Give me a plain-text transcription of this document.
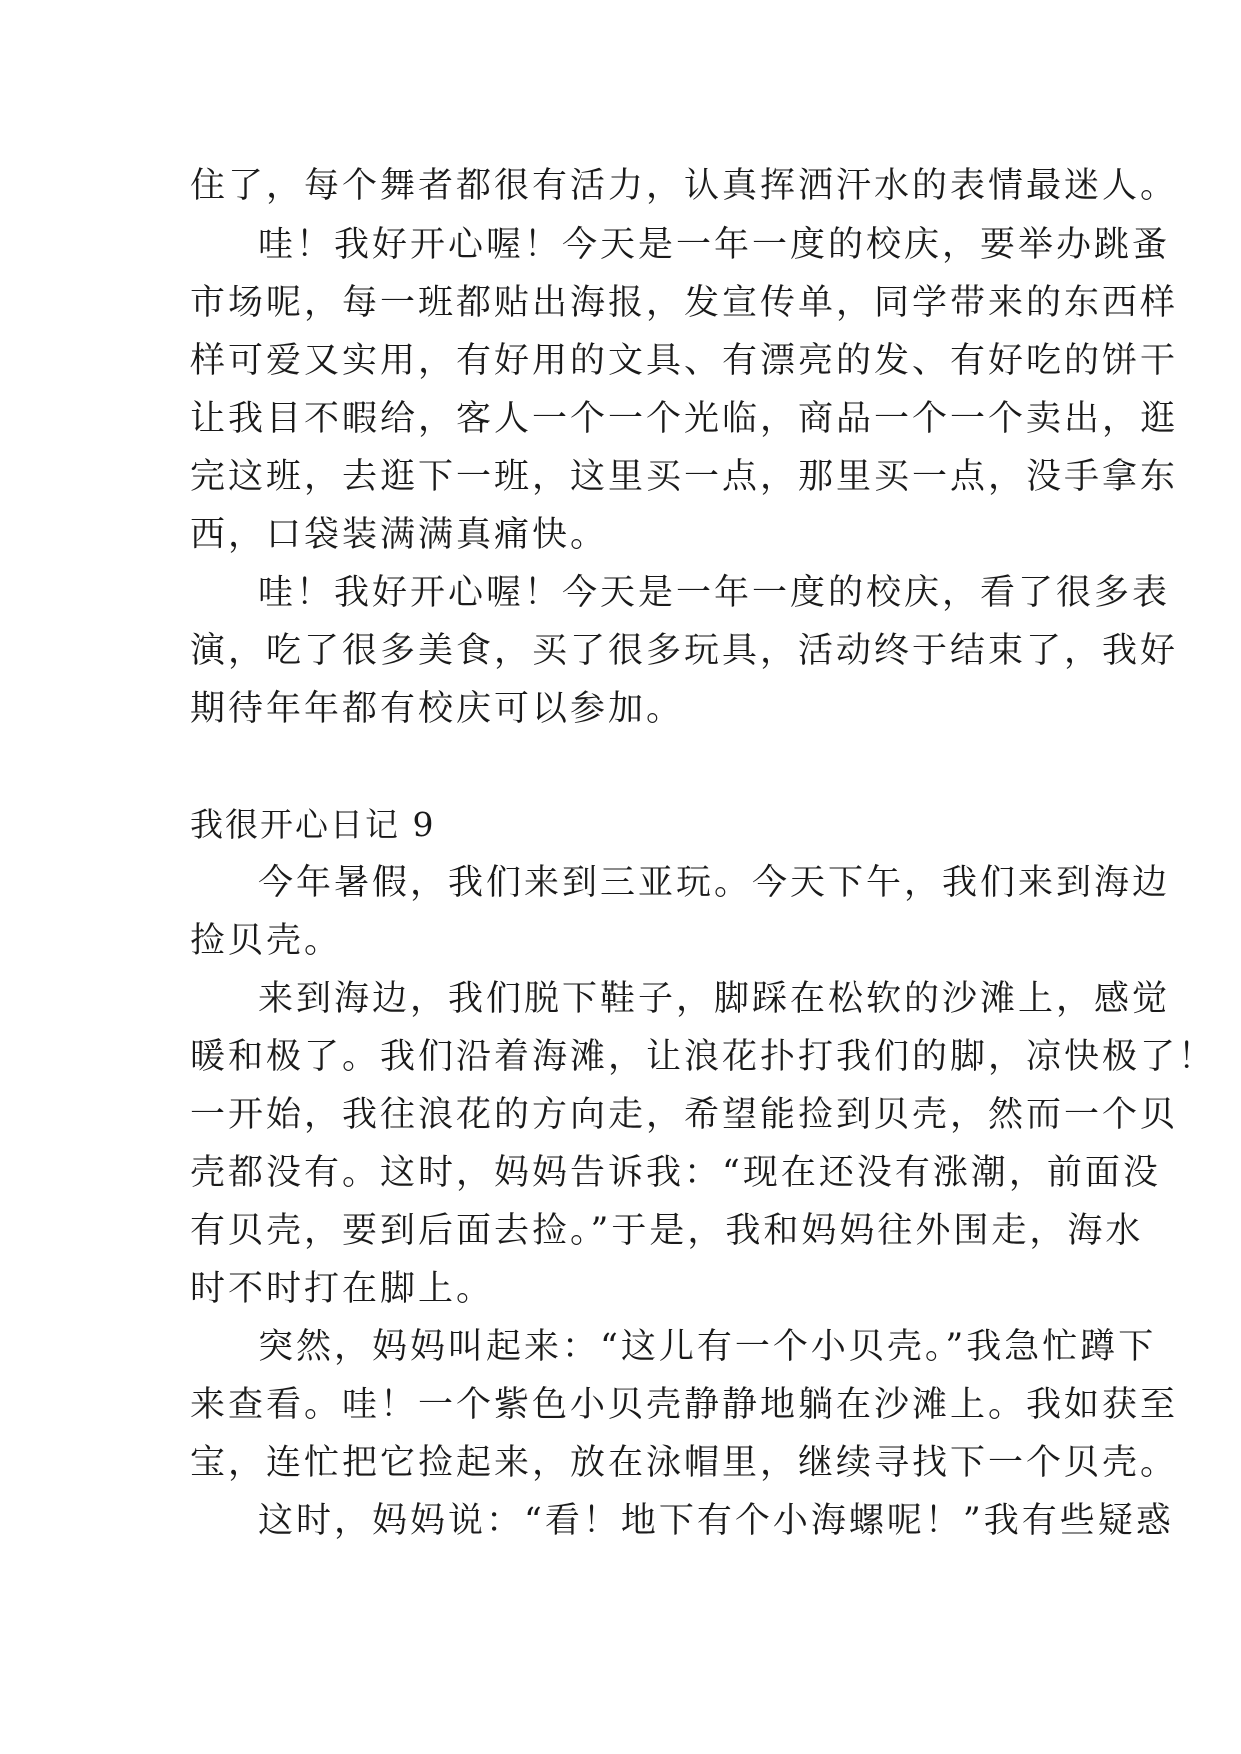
住了，每个舞者都很有活力，认真挥洒汗水的表情最迷人。
哇！我好开心喔！今天是一年一度的校庆，要举办跳蚤
市场呢，每一班都贴出海报，发宣传单，同学带来的东西样
样可爱又实用，有好用的文具、有漂亮的发、有好吃的饼干
让我目不暇给，客人一个一个光临，商品一个一个卖出，逛
完这班，去逛下一班，这里买一点，那里买一点，没手拿东
西，口袋装满满真痛快。
哇！我好开心喔！今天是一年一度的校庆，看了很多表
演，吃了很多美食，买了很多玩具，活动终于结束了，我好
期待年年都有校庆可以参加。
我很开心日记 9
今年暑假，我们来到三亚玩。今天下午，我们来到海边
捡贝壳。
来到海边，我们脱下鞋子，脚踩在松软的沙滩上，感觉
暖和极了。我们沿着海滩，让浪花扑打我们的脚，凉快极了！
一开始，我往浪花的方向走，希望能捡到贝壳，然而一个贝
壳都没有。这时，妈妈告诉我：“现在还没有涨潮，前面没
有贝壳，要到后面去捡。”于是，我和妈妈往外围走，海水
时不时打在脚上。
突然，妈妈叫起来：“这儿有一个小贝壳。”我急忙蹲下
来查看。哇！一个紫色小贝壳静静地躺在沙滩上。我如获至
宝，连忙把它捡起来，放在泳帽里，继续寻找下一个贝壳。
这时，妈妈说：“看！地下有个小海螺呢！”我有些疑惑
